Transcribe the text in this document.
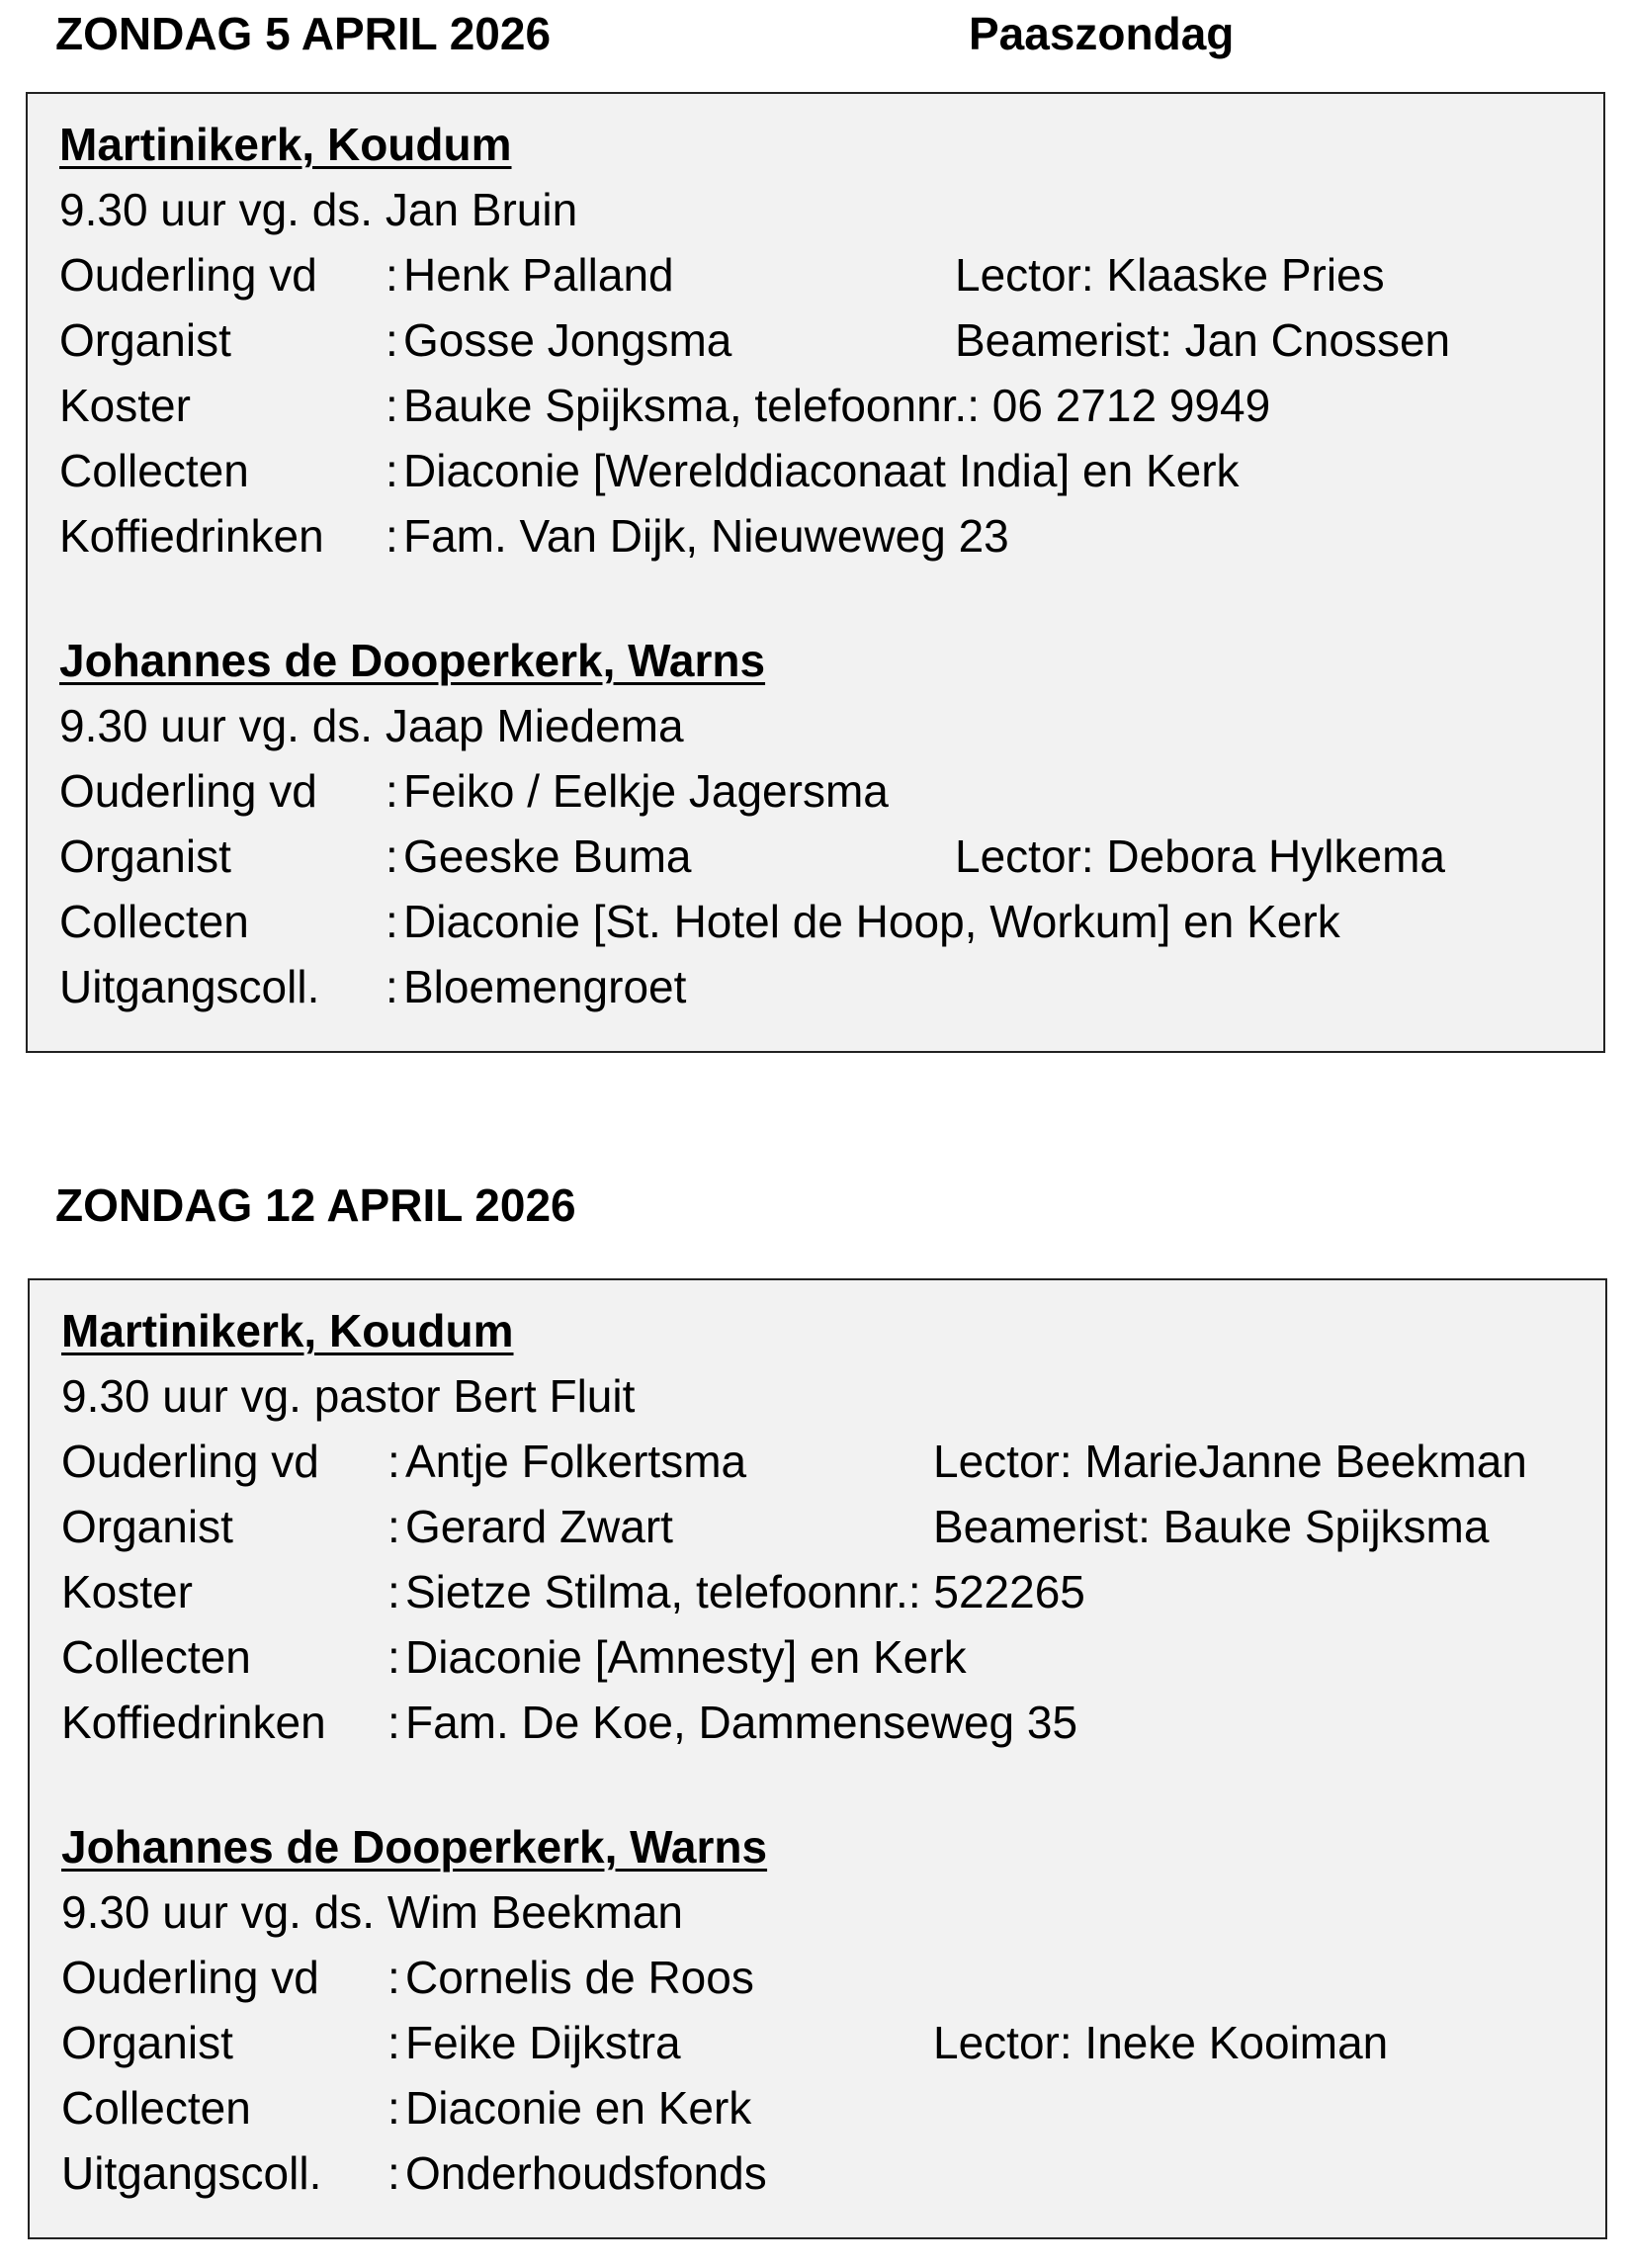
ZONDAG 5 APRIL 2026	Paaszondag
Martinikerk, Koudum
9.30 uur vg. ds. Jan Bruin
Ouderling vd : Henk Palland	Lector: Klaaske Pries
Organist	: Gosse Jongsma	Beamerist: Jan Cnossen
Koster	: Bauke Spijksma, telefoonnr.: 06 2712 9949
Collecten	: Diaconie [Werelddiaconaat India] en Kerk
Koffiedrinken : Fam. Van Dijk, Nieuweweg 23
Johannes de Dooperkerk, Warns
9.30 uur vg. ds. Jaap Miedema
Ouderling vd : Feiko / Eelkje Jagersma
Organist	: Geeske Buma	Lector: Debora Hylkema
Collecten	: Diaconie [St. Hotel de Hoop, Workum] en Kerk
Uitgangscoll. : Bloemengroet
ZONDAG 12 APRIL 2026
Martinikerk, Koudum
9.30 uur vg. pastor Bert Fluit
Ouderling vd : Antje Folkertsma	Lector: MarieJanne Beekman
Organist	: Gerard Zwart	Beamerist: Bauke Spijksma
Koster	: Sietze Stilma, telefoonnr.: 522265
Collecten	: Diaconie [Amnesty] en Kerk
Koffiedrinken : Fam. De Koe, Dammenseweg 35
Johannes de Dooperkerk, Warns
9.30 uur vg. ds. Wim Beekman
Ouderling vd : Cornelis de Roos
Organist	: Feike Dijkstra	Lector: Ineke Kooiman
Collecten	: Diaconie en Kerk
Uitgangscoll. : Onderhoudsfonds
